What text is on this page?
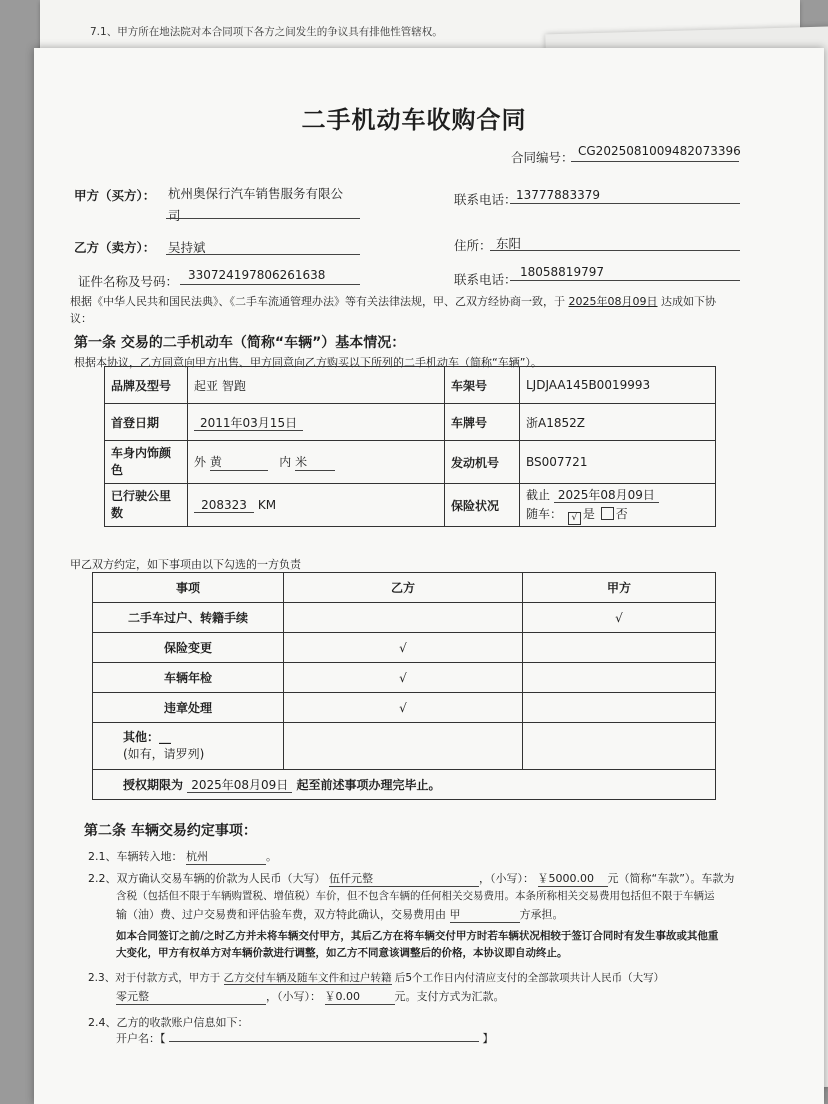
7.1、甲方所在地法院对本合同项下各方之间发生的争议具有排他性管辖权。
二手机动车收购合同
合同编号： CG2025081009482073396
甲方（买方）： 杭州奥保行汽车销售服务有限公
司
联系电话： 13777883379
乙方（卖方）： 吴持斌	住所： 东阳
证件名称及号码： 330724197806261638	联系电话： 18058819797
根据《中华人民共和国民法典》、《二手车流通管理办法》等有关法律法规，甲、乙双方经协商一致，于 2025年08月09日 达成如下协
议：
第一条 交易的二手机动车（简称“车辆”）基本情况：
根据本协议，乙方同意向甲方出售、甲方同意向乙方购买以下所列的二手机动车（简称“车辆”）。
品牌及型号	起亚 智跑	车架号	LJDJAA145B0019993
首登日期	2011年03月15日	车牌号	浙A1852Z
车身内饰颜色	外 黄 内 米	发动机号	BS007721
已行驶公里数	208323 KM	保险状况	截止 2025年08月09日
随车： √ 是 否
甲乙双方约定，如下事项由以下勾选的一方负责
事项	乙方	甲方
二手车过户、转籍手续		√
保险变更	√	
车辆年检	√	
违章处理	√	
其他：__
(如有，请罗列)		
授权期限为 2025年08月09日 起至前述事项办理完毕止。		
第二条 车辆交易约定事项：
2.1、车辆转入地： 杭州	。
2.2、双方确认交易车辆的价款为人民币（大写） 伍仟元整	，（小写）： ￥5000.00 元（简称“车款”）。车款为
含税（包括但不限于车辆购置税、增值税）车价，但不包含车辆的任何相关交易费用。本条所称相关交易费用包括但不限于车辆运
输（油）费、过户交易费和评估验车费，双方特此确认，交易费用由 甲	方承担。
如本合同签订之前/之时乙方并未将车辆交付甲方，其后乙方在将车辆交付甲方时若车辆状况相较于签订合同时有发生事故或其他重
大变化，甲方有权单方对车辆价款进行调整，如乙方不同意该调整后的价格，本协议即自动终止。
2.3、对于付款方式，甲方于 乙方交付车辆及随车文件和过户转籍 后5个工作日内付清应支付的全部款项共计人民币（大写）
零元整	，（小写）： ￥0.00	元。支付方式为汇款。
2.4、乙方的收款账户信息如下：
开户名：【	】
